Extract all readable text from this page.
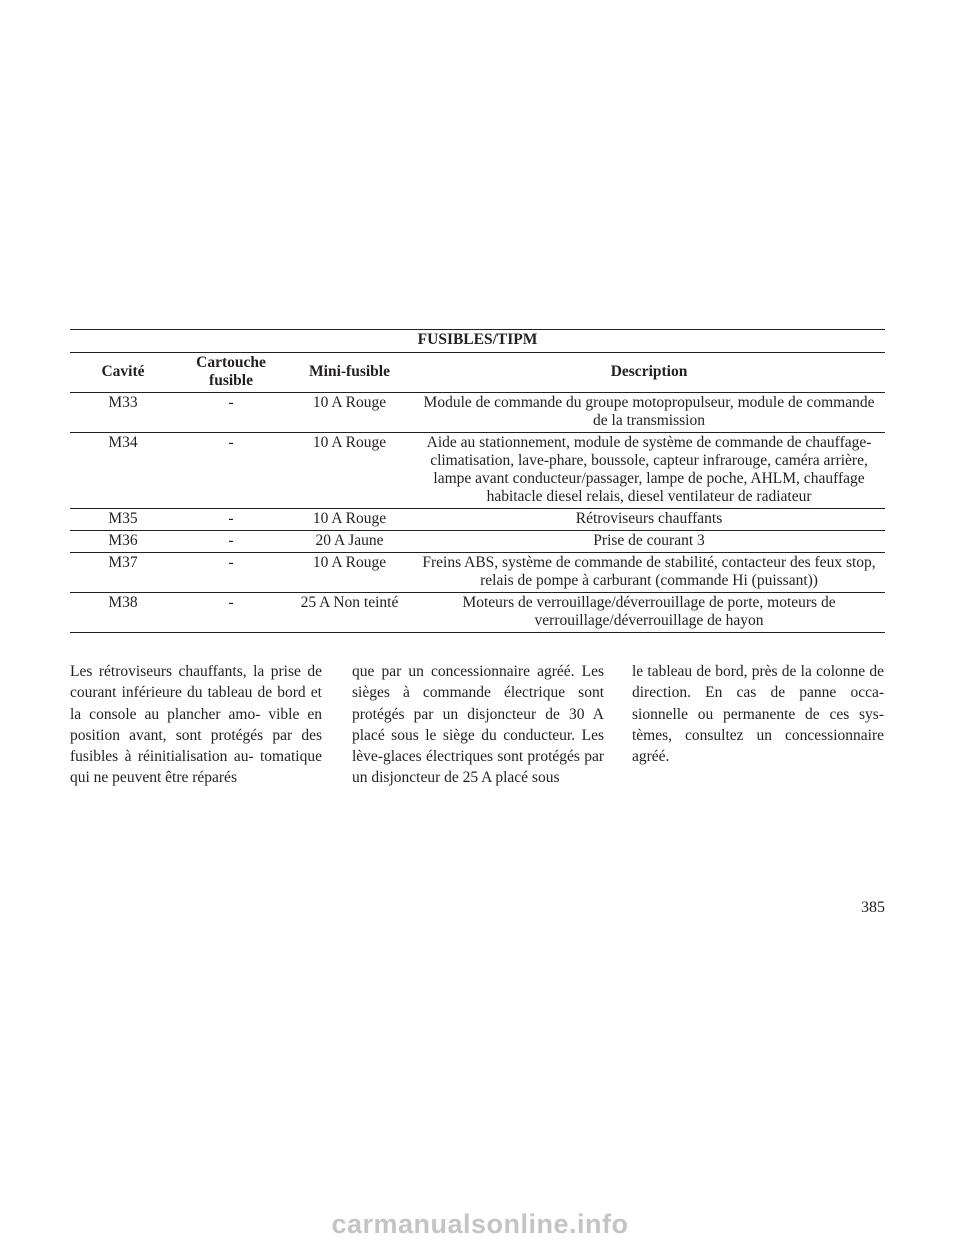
FUSIBLES/TIPM			
Cavité	Cartouche fusible	Mini-fusible	Description
M33	-	10 A Rouge	Module de commande du groupe motopropulseur, module de commande de la transmission
M34	-	10 A Rouge	Aide au stationnement, module de système de commande de chauffage-climatisation, lave-phare, boussole, capteur infrarouge, caméra arrière, lampe avant conducteur/passager, lampe de poche, AHLM, chauffage habitacle diesel relais, diesel ventilateur de radiateur
M35	-	10 A Rouge	Rétroviseurs chauffants
M36	-	20 A Jaune	Prise de courant 3
M37	-	10 A Rouge	Freins ABS, système de commande de stabilité, contacteur des feux stop, relais de pompe à carburant (commande Hi (puissant))
M38	-	25 A Non teinté	Moteurs de verrouillage/déverrouillage de porte, moteurs de verrouillage/déverrouillage de hayon
Les rétroviseurs chauffants, la prise de courant inférieure du tableau de bord et la console au plancher amo- vible en position avant, sont protégés par des fusibles à réinitialisation au- tomatique qui ne peuvent être réparés
que par un concessionnaire agréé. Les sièges à commande électrique sont protégés par un disjoncteur de 30 A placé sous le siège du conducteur. Les lève-glaces électriques sont protégés par un disjoncteur de 25 A placé sous
le tableau de bord, près de la colonne de direction. En cas de panne occa- sionnelle ou permanente de ces sys- tèmes, consultez un concessionnaire agréé.
385
carmanualsonline.info
